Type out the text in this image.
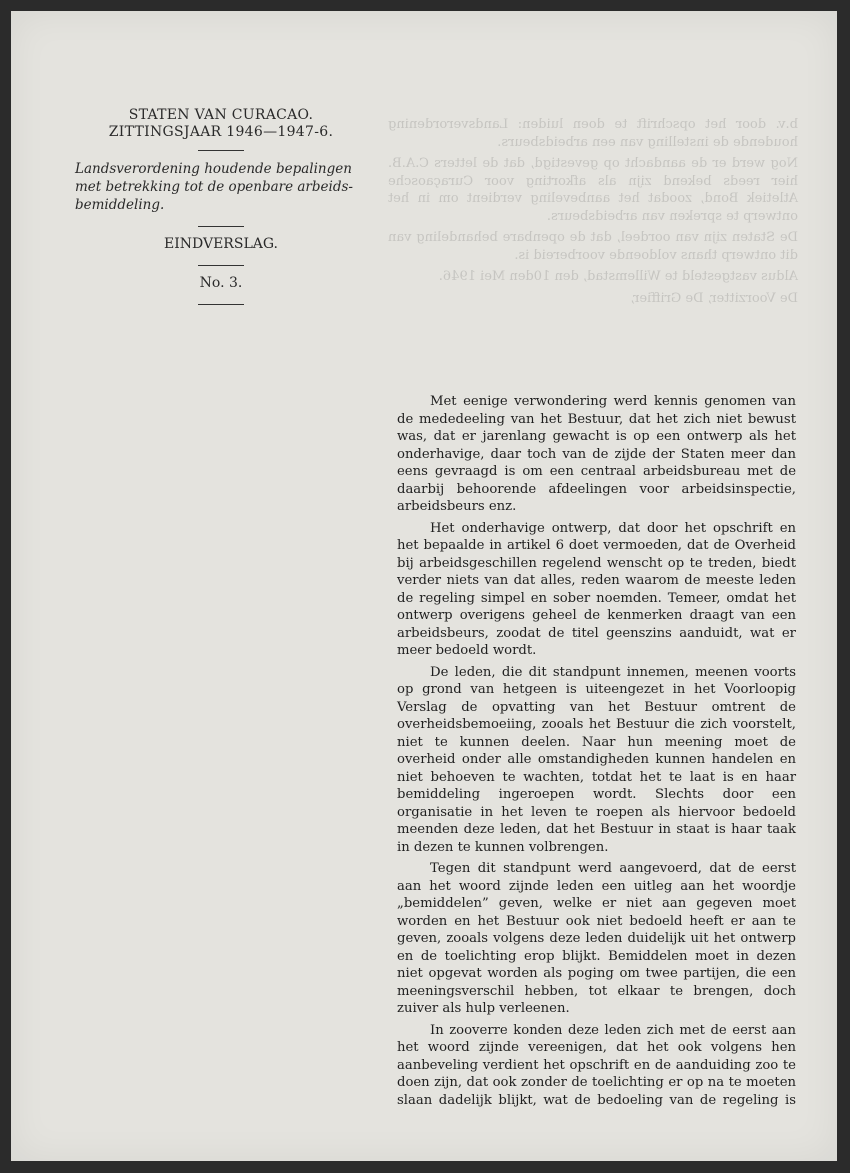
b.v. door het opschrift te doen luiden: Landsverordening houdende de instelling van een arbeidsbeurs.

Nog werd er de aandacht op gevestigd, dat de letters C.A.B. hier reeds bekend zijn als afkorting voor Curaçaosche Atletiek Bond, zoodat het aanbeveling verdient om in het ontwerp te spreken van arbeidsbeurs.

De Staten zijn van oordeel, dat de openbare behandeling van dit ontwerp thans voldoende voorbereid is.

Aldus vastgesteld te Willemstad, den 10den Mei 1946.

De Voorzitter, De Griffier,

STATEN VAN CURACAO.
ZITTINGSJAAR 1946—1947-6.
Landsverordening houdende bepalingen
met betrekking tot de openbare arbeids-
bemiddeling.
EINDVERSLAG.
No. 3.

Met eenige verwondering werd kennis genomen van de mededeeling van het Bestuur, dat het zich niet bewust was, dat er jarenlang gewacht is op een ontwerp als het onderhavige, daar toch van de zijde der Staten meer dan eens gevraagd is om een centraal arbeidsbureau met de daarbij behoorende afdeelingen voor arbeidsinspectie, arbeidsbeurs enz.

Het onderhavige ontwerp, dat door het opschrift en het bepaalde in artikel 6 doet vermoeden, dat de Overheid bij arbeidsgeschillen regelend wenscht op te treden, biedt verder niets van dat alles, reden waarom de meeste leden de regeling simpel en sober noemden. Temeer, omdat het ontwerp overigens geheel de kenmerken draagt van een arbeidsbeurs, zoodat de titel geenszins aanduidt, wat er meer bedoeld wordt.

De leden, die dit standpunt innemen, meenen voorts op grond van hetgeen is uiteengezet in het Voorloopig Verslag de opvatting van het Bestuur omtrent de overheidsbemoeiing, zooals het Bestuur die zich voorstelt, niet te kunnen deelen. Naar hun meening moet de overheid onder alle omstandigheden kunnen handelen en niet behoeven te wachten, totdat het te laat is en haar bemiddeling ingeroepen wordt. Slechts door een organisatie in het leven te roepen als hiervoor bedoeld meenden deze leden, dat het Bestuur in staat is haar taak in dezen te kunnen volbrengen.

Tegen dit standpunt werd aangevoerd, dat de eerst aan het woord zijnde leden een uitleg aan het woordje „bemiddelen” geven, welke er niet aan gegeven moet worden en het Bestuur ook niet bedoeld heeft er aan te geven, zooals volgens deze leden duidelijk uit het ontwerp en de toelichting erop blijkt. Bemiddelen moet in dezen niet opgevat worden als poging om twee partijen, die een meeningsverschil hebben, tot elkaar te brengen, doch zuiver als hulp verleenen.

In zooverre konden deze leden zich met de eerst aan het woord zijnde vereenigen, dat het ook volgens hen aanbeveling verdient het opschrift en de aanduiding zoo te doen zijn, dat ook zonder de toelichting er op na te moeten slaan dadelijk blijkt, wat de bedoeling van de regeling is
